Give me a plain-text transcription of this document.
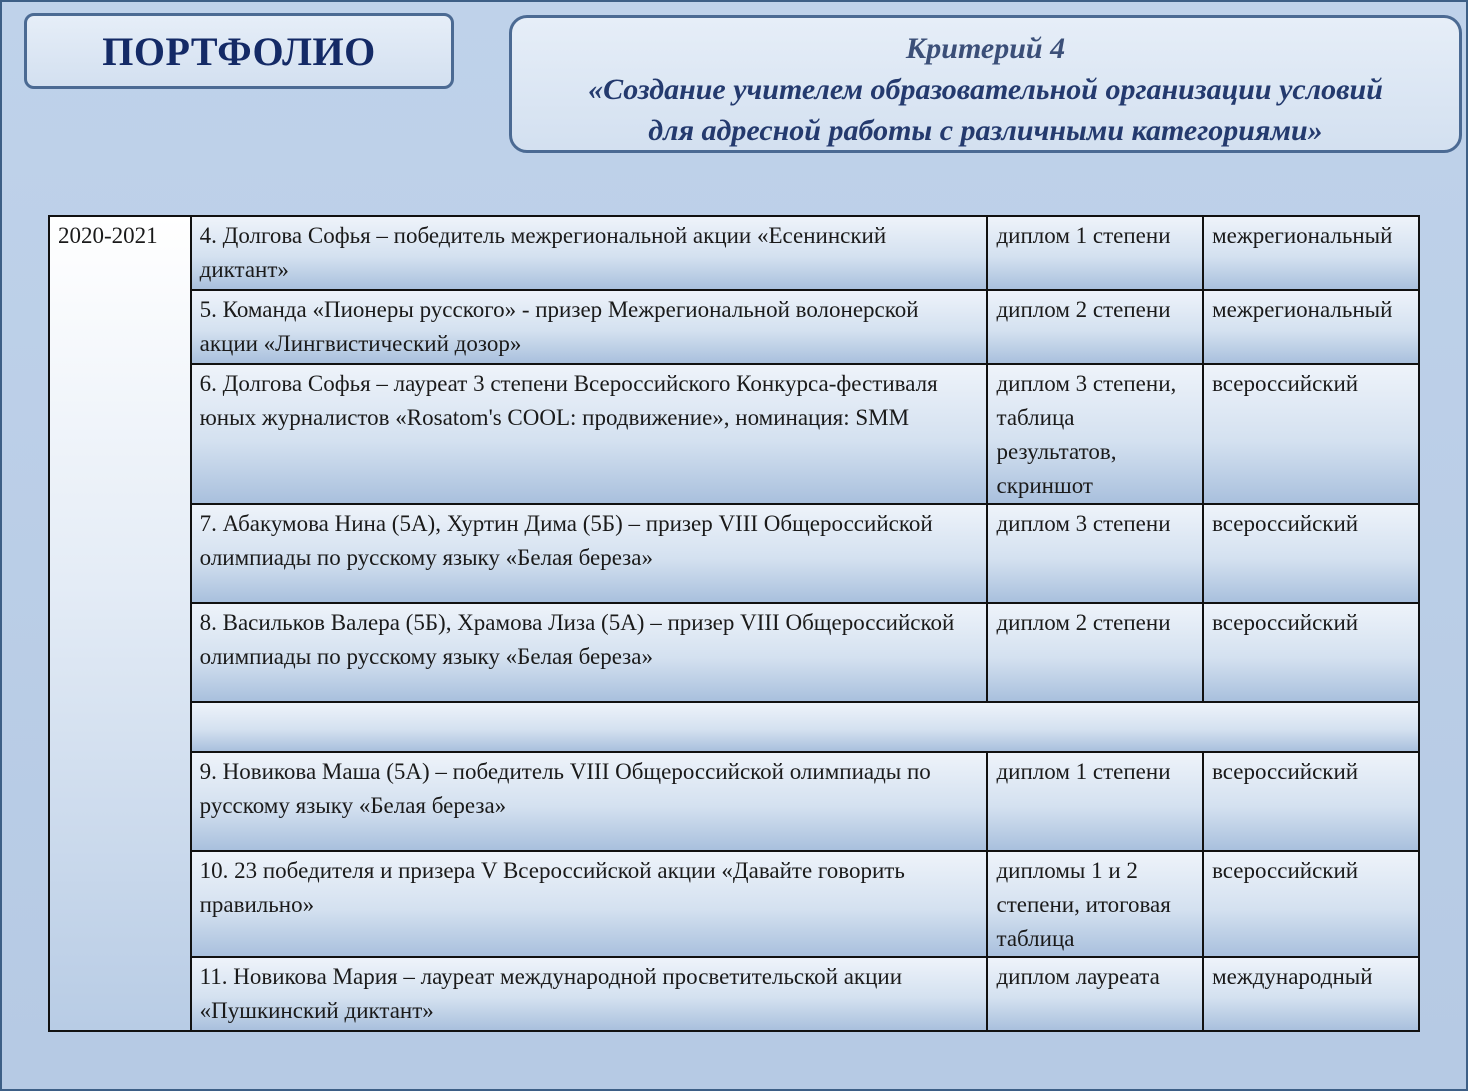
ПОРТФОЛИО	Критерий 4
«Создание учителем образовательной организации условий
для адресной работы с различными категориями»
2020-2021	4. Долгова Софья – победитель межрегиональной акции «Есенинский диктант»	диплом 1 степени	межрегиональный
	5. Команда «Пионеры русского» - призер Межрегиональной волонерской акции «Лингвистический дозор»	диплом 2 степени	межрегиональный
	6. Долгова Софья – лауреат 3 степени Всероссийского Конкурса-фестиваля юных журналистов «Rosatom's COOL: продвижение», номинация: SMM	диплом 3 степени, таблица результатов, скриншот	всероссийский
	7. Абакумова Нина (5А), Хуртин Дима (5Б) – призер VIII Общероссийской олимпиады по русскому языку «Белая береза»	диплом 3 степени	всероссийский
	8. Васильков Валера (5Б), Храмова Лиза (5А) – призер VIII Общероссийской олимпиады по русскому языку «Белая береза»	диплом 2 степени	всероссийский

	9. Новикова Маша (5А) – победитель VIII Общероссийской олимпиады по русскому языку «Белая береза»	диплом 1 степени	всероссийский
	10. 23 победителя и призера V Всероссийской акции «Давайте говорить правильно»	дипломы 1 и 2 степени, итоговая таблица	всероссийский
	11. Новикова Мария – лауреат международной просветительской акции «Пушкинский диктант»	диплом лауреата	международный
